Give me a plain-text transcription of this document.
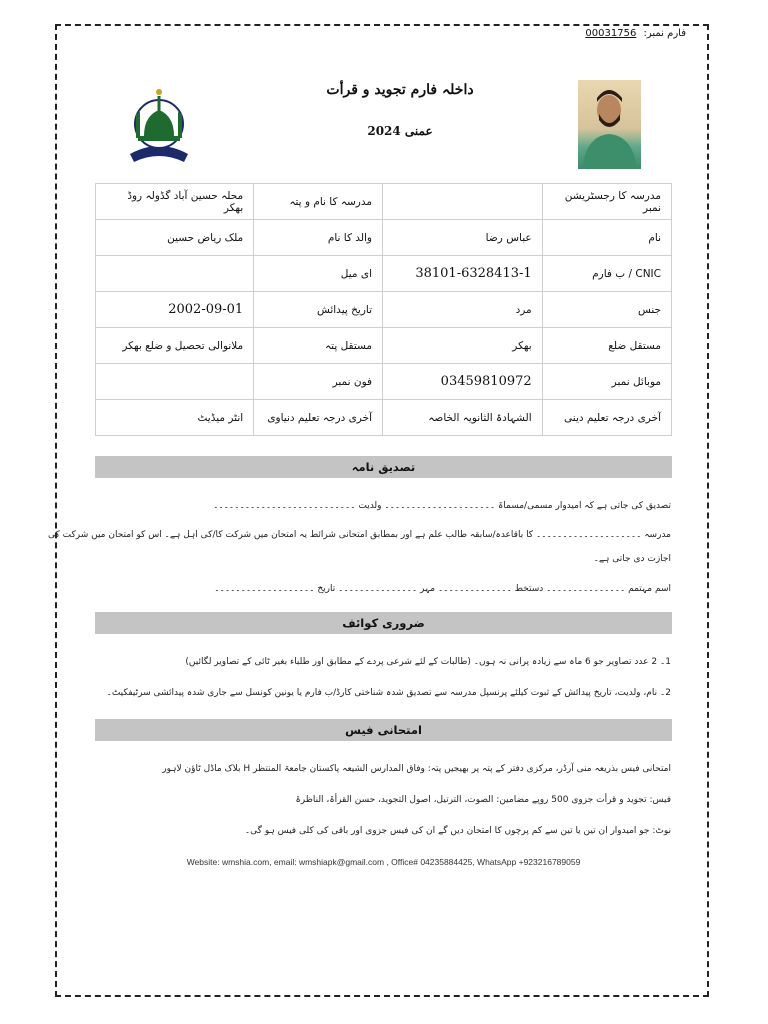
فارم نمبر: 00031756
داخلہ فارم تجوید و قرأت
عمنی 2024
مدرسہ کا رجسٹریشن نمبر		مدرسہ کا نام و پتہ	محلہ حسین آباد گڈولہ روڈ بھکر
نام	عباس رضا	والد کا نام	ملک ریاض حسین
CNIC / ب فارم	38101-6328413-1	ای میل	
جنس	مرد	تاریخ پیدائش	2002-09-01
مستقل ضلع	بھکر	مستقل پتہ	ملانوالی تحصیل و ضلع بھکر
موبائل نمبر	03459810972	فون نمبر	
آخری درجہ تعلیم دینی	الشہادۃ الثانویہ الخاصہ	آخری درجہ تعلیم دنیاوی	انٹر میڈیٹ
تصدیق نامہ
تصدیق کی جاتی ہے کہ امیدوار مسمی/مسماۃ ۔۔۔۔۔۔۔۔۔۔۔۔۔۔۔۔۔۔۔۔۔ ولدیت ۔۔۔۔۔۔۔۔۔۔۔۔۔۔۔۔۔۔۔۔۔۔۔۔۔۔۔
مدرسہ ۔۔۔۔۔۔۔۔۔۔۔۔۔۔۔۔۔۔۔۔ کا باقاعدہ/سابقہ طالب علم ہے اور بمطابق امتحانی شرائط یہ امتحان میں شرکت کا/کی اہل ہے۔ اس کو امتحان میں شرکت کی
اجازت دی جاتی ہے۔
اسم مہتمم ۔۔۔۔۔۔۔۔۔۔۔۔۔۔۔ دستخط ۔۔۔۔۔۔۔۔۔۔۔۔۔۔ مہر ۔۔۔۔۔۔۔۔۔۔۔۔۔۔۔ تاریخ ۔۔۔۔۔۔۔۔۔۔۔۔۔۔۔۔۔۔۔
ضروری کوائف
1۔ 2 عدد تصاویر جو 6 ماہ سے زیادہ پرانی نہ ہوں۔ (طالبات کے لئے شرعی پردے کے مطابق اور طلباء بغیر ٹائی کے تصاویر لگائیں)
2۔ نام، ولدیت، تاریخ پیدائش کے ثبوت کیلئے پرنسپل مدرسہ سے تصدیق شدہ شناختی کارڈ/ب فارم یا یونین کونسل سے جاری شدہ پیدائشی سرٹیفکیٹ۔
امتحانی فیس
امتحانی فیس بذریعہ منی آرڈر، مرکزی دفتر کے پتہ پر بھیجیں پتہ: وفاق المدارس الشیعہ پاکستان جامعۃ المنتظر H بلاک ماڈل ٹاؤن لاہور
فیس: تجوید و قرأت جزوی 500 روپے مضامین: الصوت، الترتیل، اصول التجوید، حسن القرأۃ، الناظرۃ
نوٹ: جو امیدوار ان تین یا تین سے کم پرچوں کا امتحان دیں گے ان کی فیس جزوی اور باقی کی کلی فیس ہو گی۔
Website: wmshia.com, email: wmshiapk@gmail.com , Office# 04235884425, WhatsApp +923216789059
